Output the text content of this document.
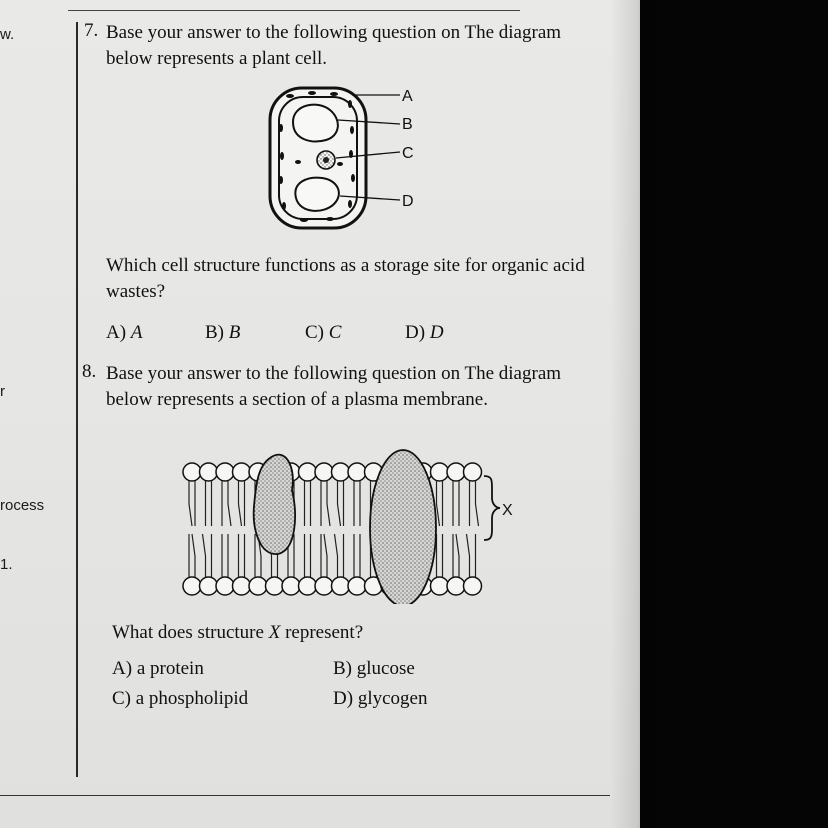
w.
r
rocess
1.
7. Base your answer to the following question on The diagram below represents a plant cell.

A
B
C
D

Which cell structure functions as a storage site for organic acid wastes?

A) A	B) B	C) C	D) D
8. Base your answer to the following question on The diagram below represents a section of a plasma membrane.

X

What does structure X represent?

A) a protein	B) glucose
C) a phospholipid	D) glycogen
